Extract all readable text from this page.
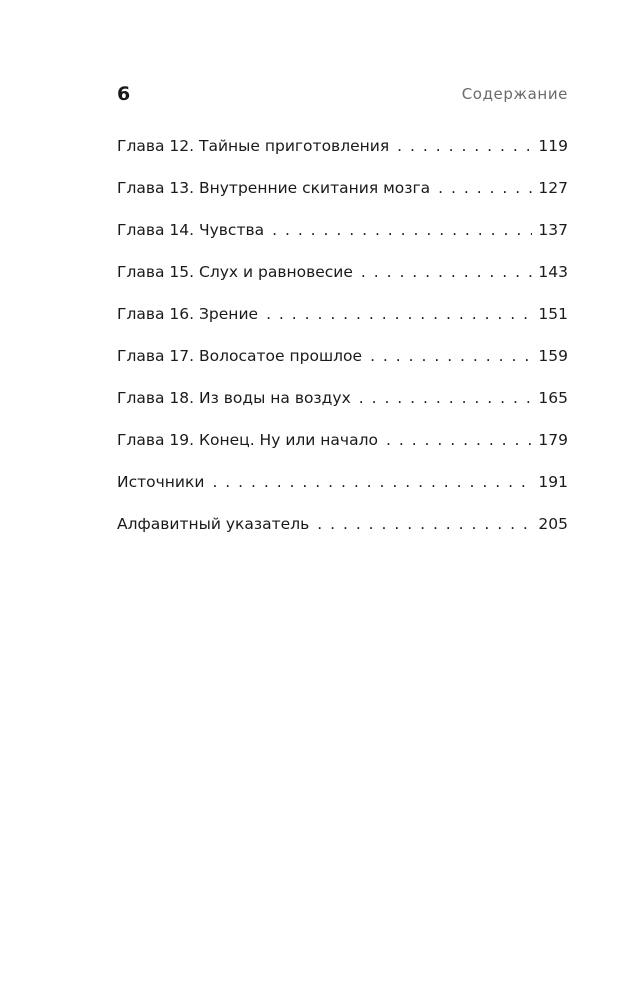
6	Содержание
Глава 12. Тайные приготовления . . .	119
Глава 13. Внутренние скитания мозга . . .	127
Глава 14. Чувства . . .	137
Глава 15. Слух и равновесие . . .	143
Глава 16. Зрение . . .	151
Глава 17. Волосатое прошлое . . .	159
Глава 18. Из воды на воздух . . .	165
Глава 19. Конец. Ну или начало . . .	179
Источники . . .	191
Алфавитный указатель . . .	205
